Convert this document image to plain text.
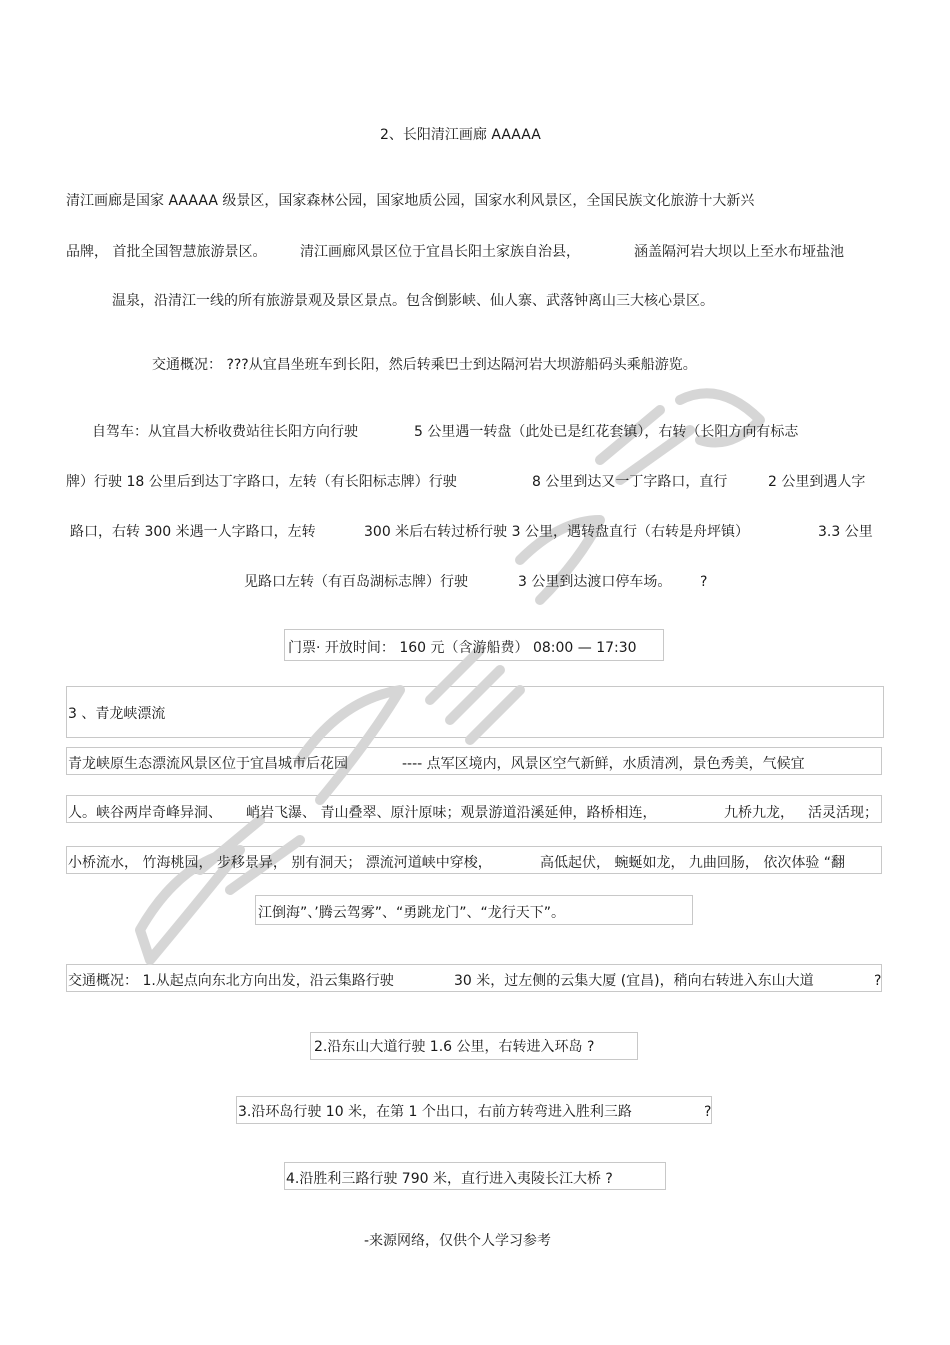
2、长阳清江画廊 AAAAA
清江画廊是国家 AAAAA 级景区，国家森林公园，国家地质公园，国家水利风景区，全国民族文化旅游十大新兴
品牌， 首批全国智慧旅游景区。 清江画廊风景区位于宜昌长阳土家族自治县，	涵盖隔河岩大坝以上至水布垭盐池
温泉，沿清江一线的所有旅游景观及景区景点。包含倒影峡、仙人寨、武落钟离山三大核心景区。
交通概况： ???从宜昌坐班车到长阳，然后转乘巴士到达隔河岩大坝游船码头乘船游览。
自驾车：从宜昌大桥收费站往长阳方向行驶	5 公里遇一转盘（此处已是红花套镇），右转（长阳方向有标志
牌）行驶 18 公里后到达丁字路口，左转（有长阳标志牌）行驶	8 公里到达又一丁字路口，直行	2 公里到遇人字
路口，右转 300 米遇一人字路口，左转	300 米后右转过桥行驶 3 公里，遇转盘直行（右转是舟坪镇）	3.3 公里
见路口左转（有百岛湖标志牌）行驶	3 公里到达渡口停车场。 ?
门票· 开放时间： 160 元（含游船费） 08:00 — 17:30
3 、青龙峡漂流
青龙峡原生态漂流风景区位于宜昌城市后花园	---- 点军区境内，风景区空气新鲜，水质清冽，景色秀美，气候宜
人。峡谷两岸奇峰异洞、 峭岩飞瀑、 青山叠翠、原汁原味；观景游道沿溪延伸，路桥相连，	九桥九龙， 活灵活现；
小桥流水， 竹海桃园， 步移景异， 别有洞天； 漂流河道峡中穿梭，	高低起伏， 蜿蜒如龙， 九曲回肠， 依次体验 “翻
江倒海”、’腾云驾雾”、“勇跳龙门”、“龙行天下”。
交通概况： 1.从起点向东北方向出发，沿云集路行驶	30 米，过左侧的云集大厦 (宜昌)，稍向右转进入东山大道	?
2.沿东山大道行驶 1.6 公里，右转进入环岛 ?
3.沿环岛行驶 10 米，在第 1 个出口，右前方转弯进入胜利三路	?
4.沿胜利三路行驶 790 米，直行进入夷陵长江大桥 ?
-来源网络，仅供个人学习参考
